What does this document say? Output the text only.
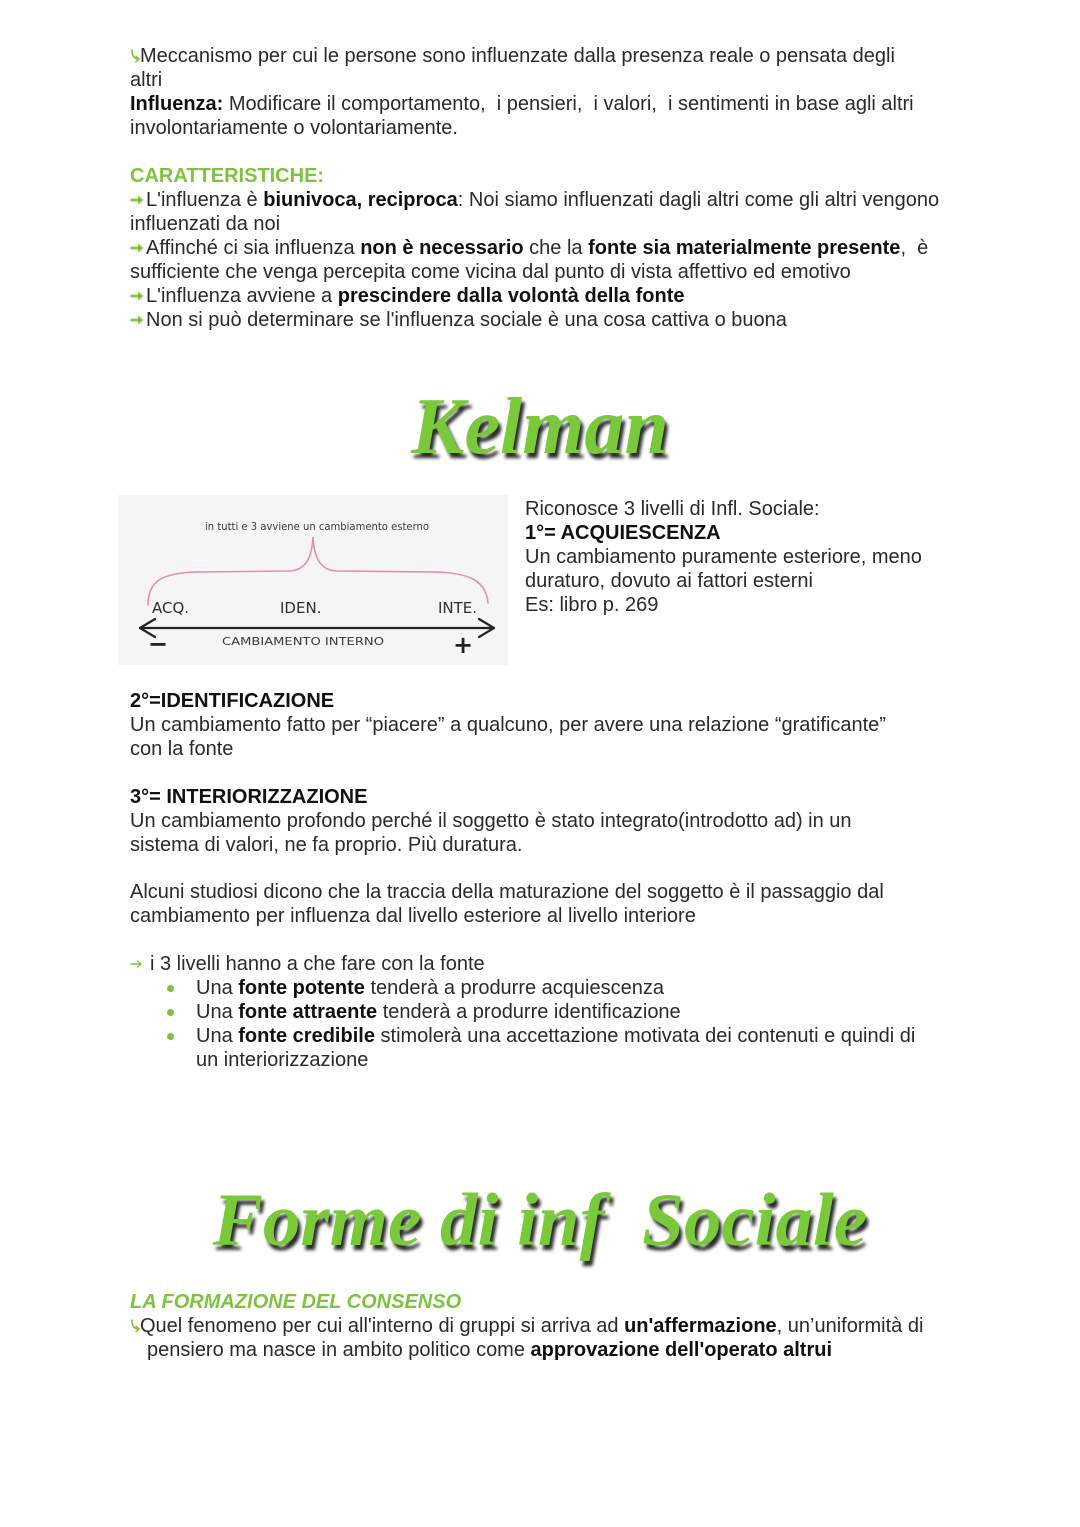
Meccanismo per cui le persone sono influenzate dalla presenza reale o pensata degli
altri
Influenza: Modificare il comportamento,  i pensieri,  i valori,  i sentimenti in base agli altri
involontariamente o volontariamente.
CARATTERISTICHE:
L'influenza è biunivoca, reciproca : Noi siamo influenzati dagli altri come gli altri vengono
influenzati da noi
Affinché ci sia influenza non è necessario che la fonte sia materialmente presente ,  è
sufficiente che venga percepita come vicina dal punto di vista affettivo ed emotivo
L'influenza avviene a prescindere dalla volontà della fonte
Non si può determinare se l'influenza sociale è una cosa cattiva o buona
Kelman
in tutti e 3 avviene un cambiamento esterno
ACQ.	IDEN.	INTE.
−	CAMBIAMENTO INTERNO	+
Riconosce 3 livelli di Infl. Sociale:
1°= ACQUIESCENZA
Un cambiamento puramente esteriore, meno
duraturo, dovuto ai fattori esterni
Es: libro p. 269
2°=IDENTIFICAZIONE
Un cambiamento fatto per “piacere” a qualcuno, per avere una relazione “gratificante”
con la fonte
3°= INTERIORIZZAZIONE
Un cambiamento profondo perché il soggetto è stato integrato(introdotto ad) in un
sistema di valori, ne fa proprio. Più duratura.
Alcuni studiosi dicono che la traccia della maturazione del soggetto è il passaggio dal
cambiamento per influenza dal livello esteriore al livello interiore
i 3 livelli hanno a che fare con la fonte
Una fonte potente tenderà a produrre acquiescenza
Una fonte attraente tenderà a produrre identificazione
Una fonte credibile stimolerà una accettazione motivata dei contenuti e quindi di
un interiorizzazione
Forme di inf  Sociale
LA FORMAZIONE DEL CONSENSO
Quel fenomeno per cui all'interno di gruppi si arriva ad un'affermazione , un’uniformità di
pensiero ma nasce in ambito politico come approvazione dell'operato altrui
